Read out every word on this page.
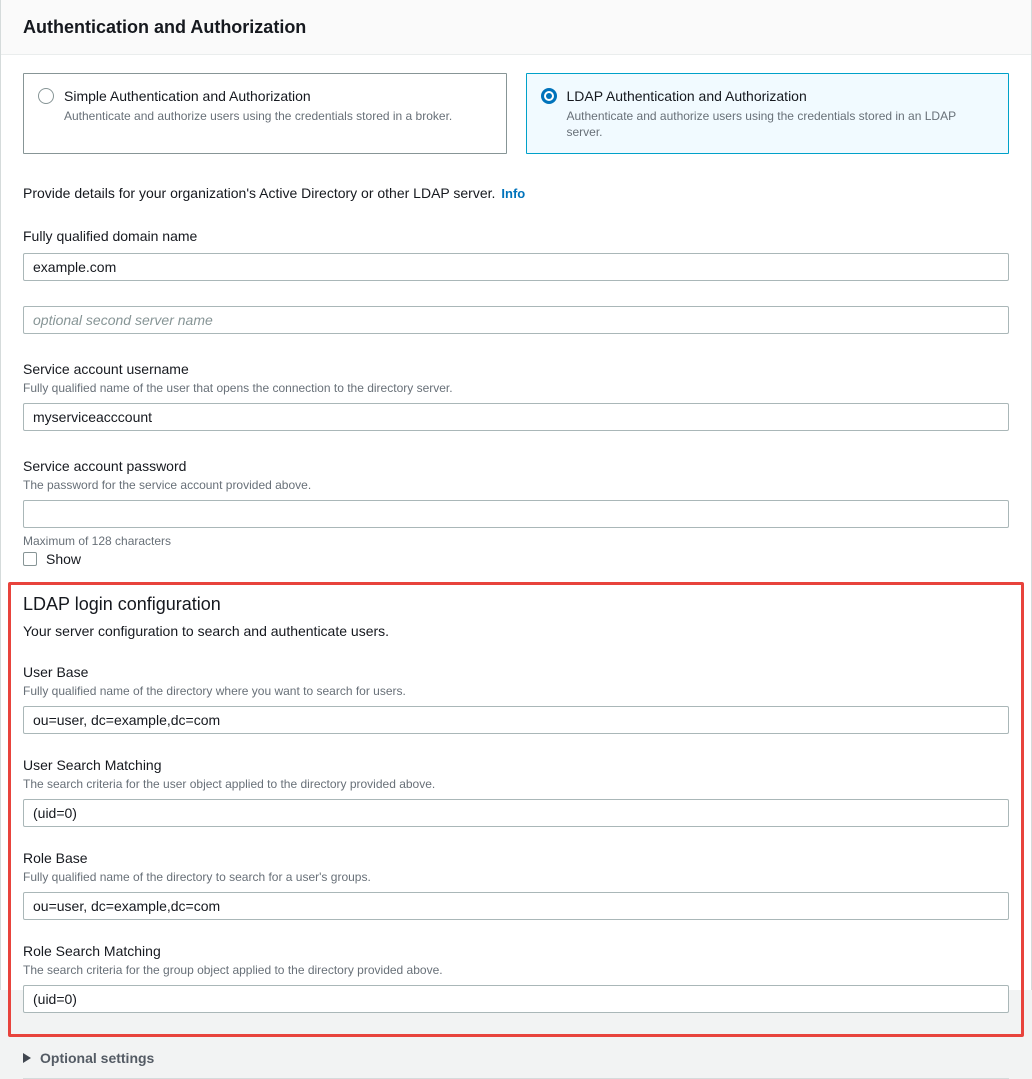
Authentication and Authorization
Simple Authentication and Authorization
Authenticate and authorize users using the credentials stored in a broker.
LDAP Authentication and Authorization
Authenticate and authorize users using the credentials stored in an LDAP server.
Provide details for your organization's Active Directory or other LDAP server. Info
Fully qualified domain name
example.com
optional second server name
Service account username
Fully qualified name of the user that opens the connection to the directory server.
myserviceacccount
Service account password
The password for the service account provided above.
Maximum of 128 characters
Show
LDAP login configuration
Your server configuration to search and authenticate users.
User Base
Fully qualified name of the directory where you want to search for users.
ou=user, dc=example,dc=com
User Search Matching
The search criteria for the user object applied to the directory provided above.
(uid=0)
Role Base
Fully qualified name of the directory to search for a user's groups.
ou=user, dc=example,dc=com
Role Search Matching
The search criteria for the group object applied to the directory provided above.
(uid=0)
Optional settings
